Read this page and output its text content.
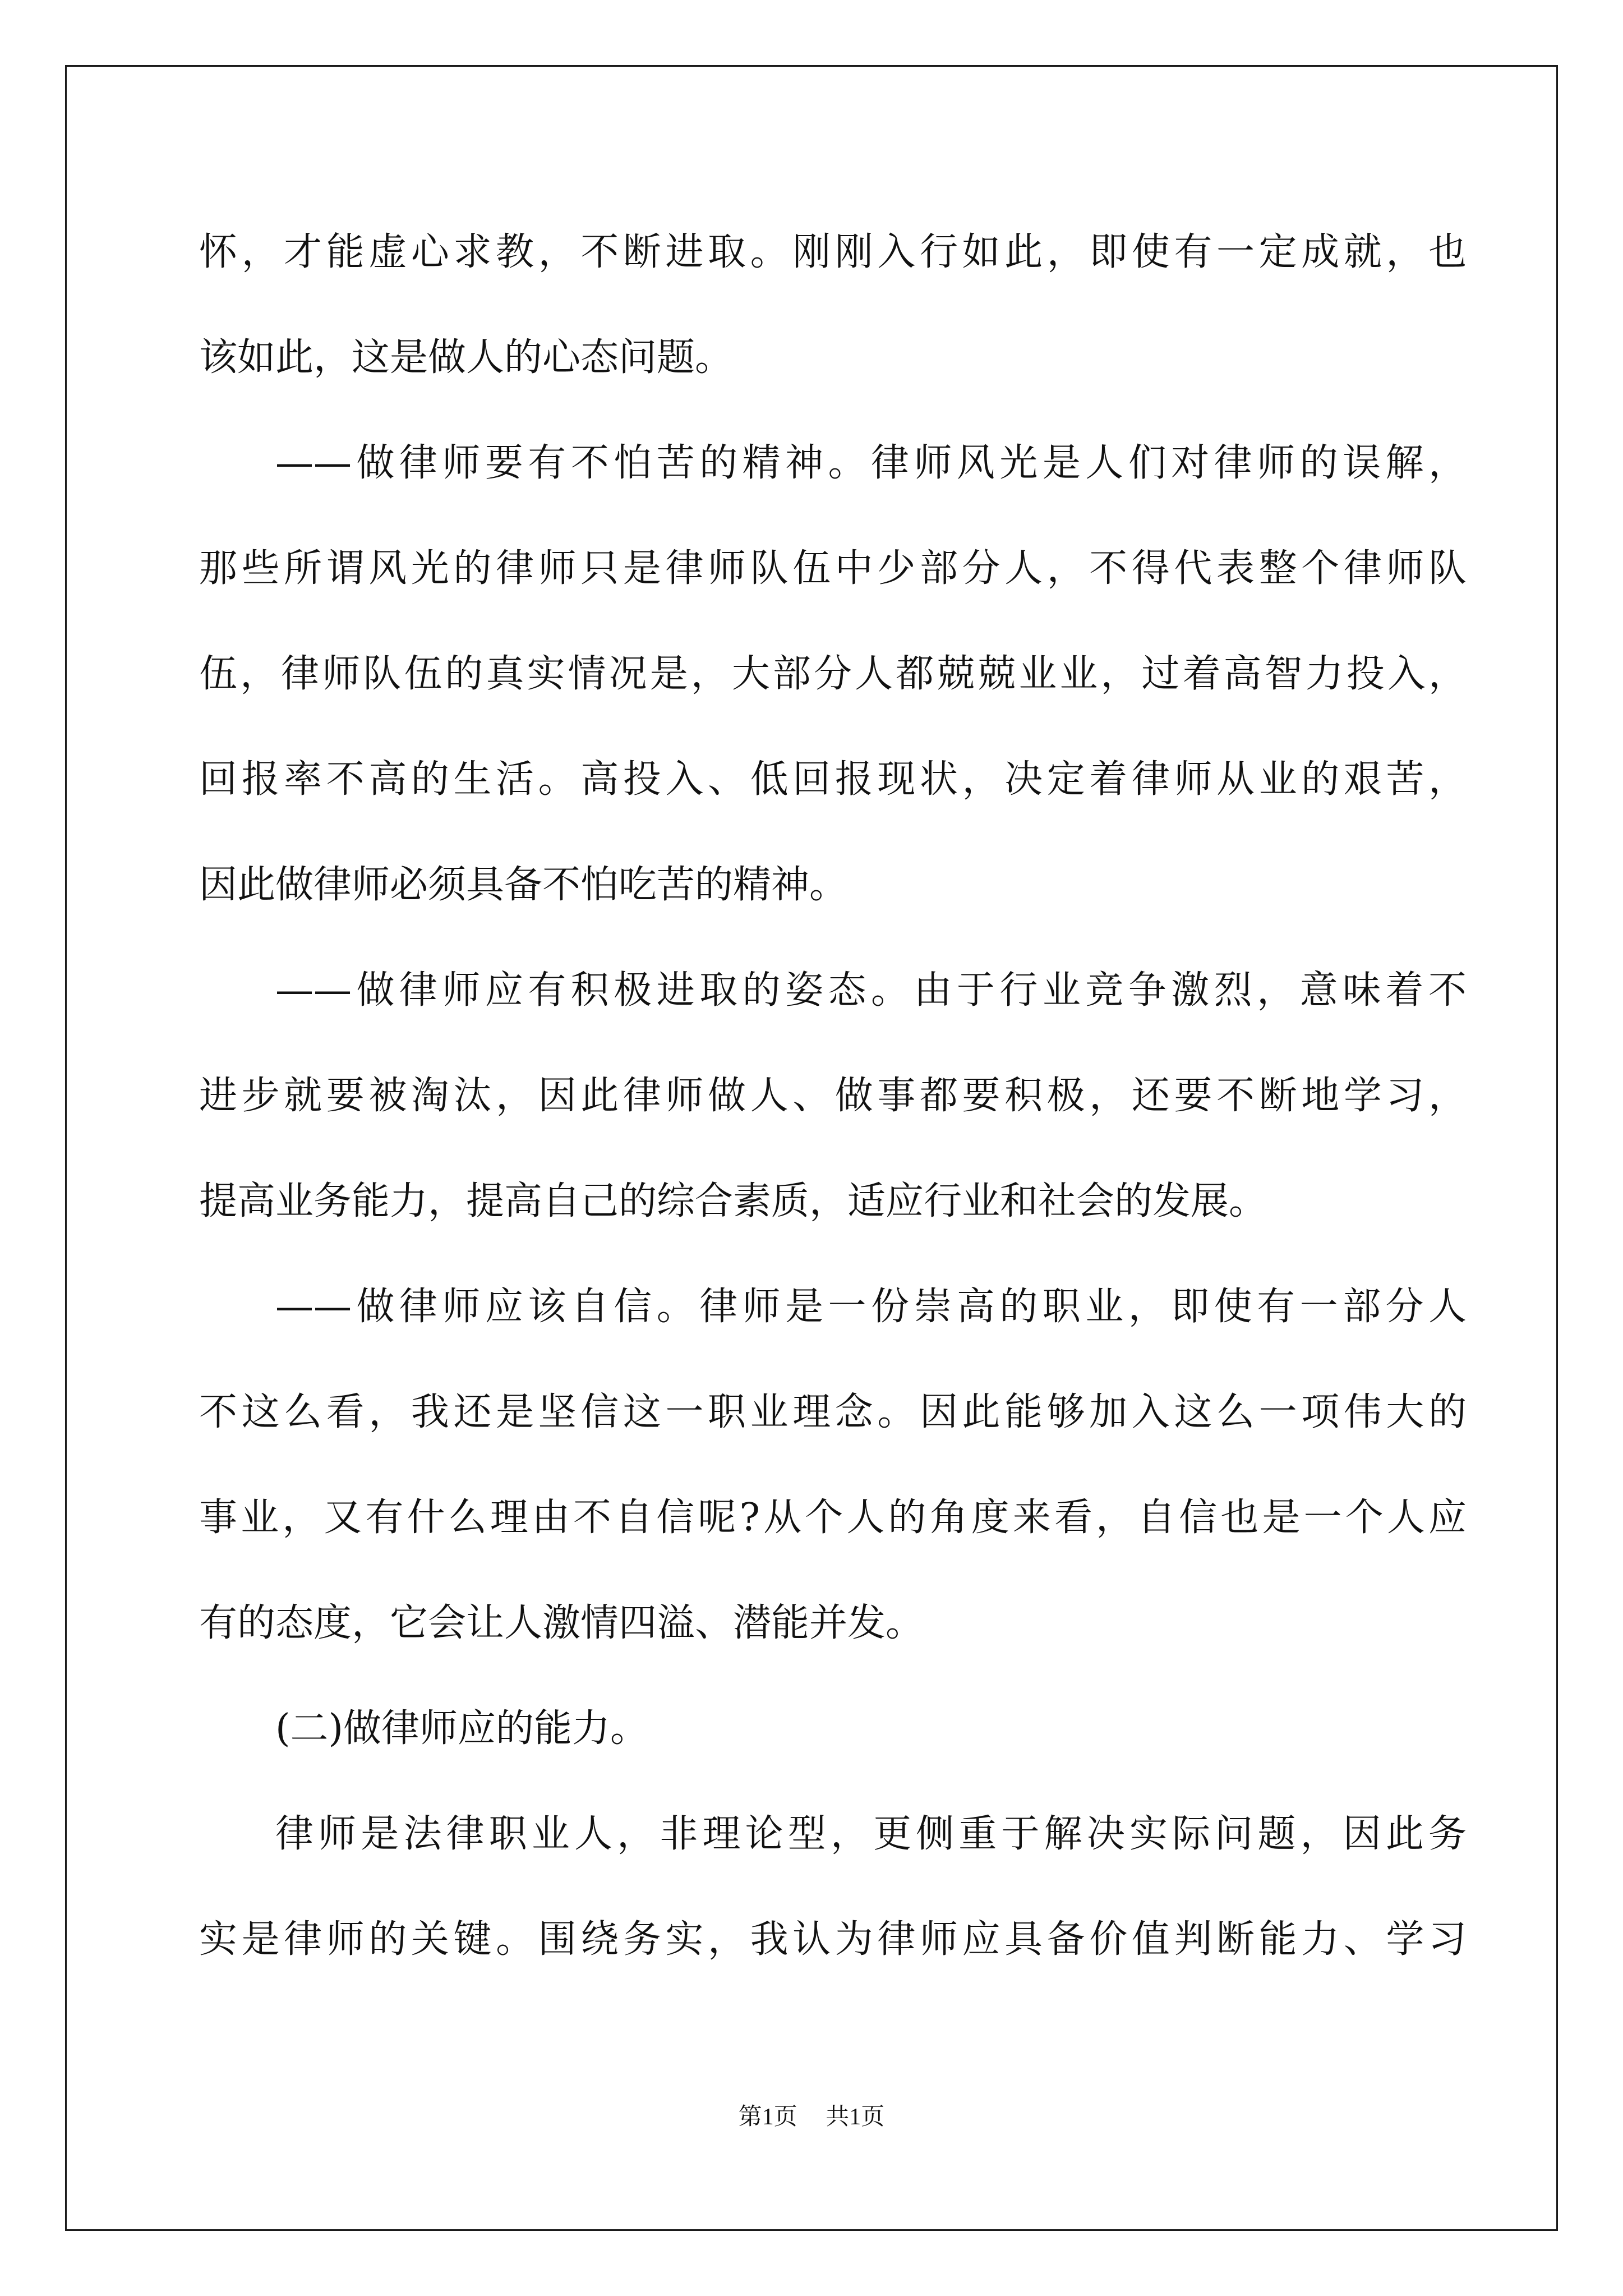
怀，才能虚心求教，不断进取。刚刚入行如此，即使有一定成就，也
该如此，这是做人的心态问题。
——做律师要有不怕苦的精神。律师风光是人们对律师的误解，
那些所谓风光的律师只是律师队伍中少部分人，不得代表整个律师队
伍，律师队伍的真实情况是，大部分人都兢兢业业，过着高智力投入，
回报率不高的生活。高投入、低回报现状，决定着律师从业的艰苦，
因此做律师必须具备不怕吃苦的精神。
——做律师应有积极进取的姿态。由于行业竞争激烈，意味着不
进步就要被淘汰，因此律师做人、做事都要积极，还要不断地学习，
提高业务能力，提高自己的综合素质，适应行业和社会的发展。
——做律师应该自信。律师是一份崇高的职业，即使有一部分人
不这么看，我还是坚信这一职业理念。因此能够加入这么一项伟大的
事业，又有什么理由不自信呢?从个人的角度来看，自信也是一个人应
有的态度，它会让人激情四溢、潜能并发。
(二)做律师应的能力。
律师是法律职业人，非理论型，更侧重于解决实际问题，因此务
实是律师的关键。围绕务实，我认为律师应具备价值判断能力、学习
第1页 共1页
